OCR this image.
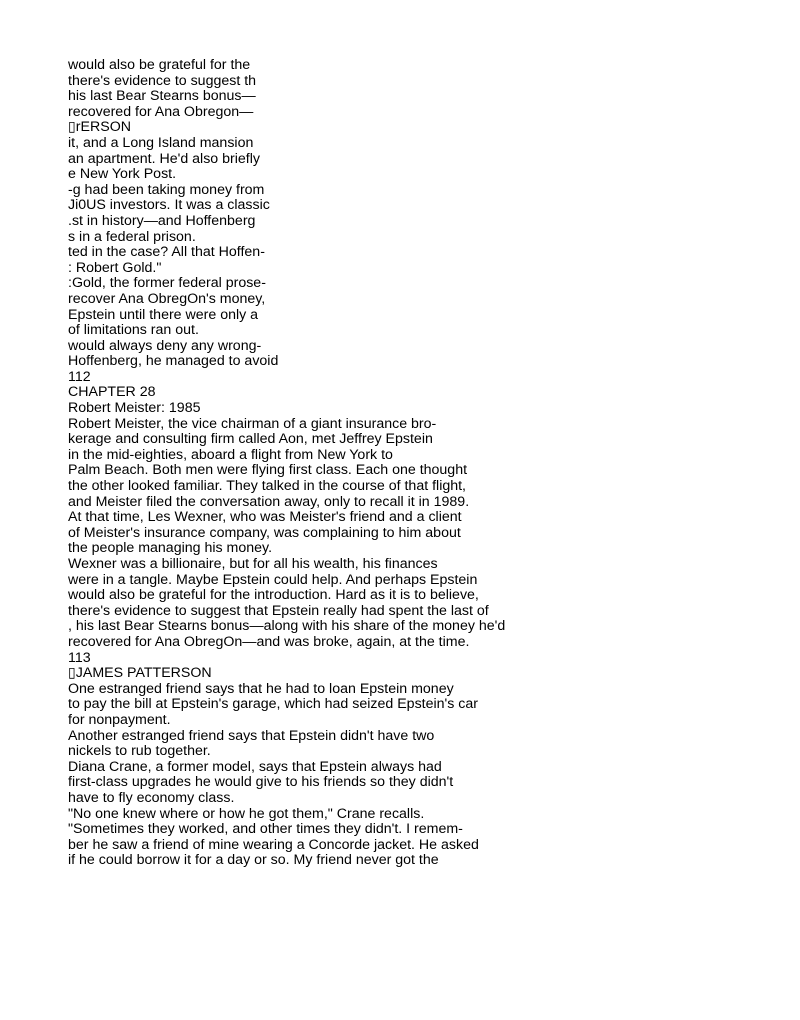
would also be grateful for the
there's evidence to suggest th
his last Bear Stearns bonus—
recovered for Ana Obregon—
▯rERSON
it, and a Long Island mansion
an apartment. He'd also briefly
e New York Post.
-g had been taking money from
Ji0US investors. It was a classic
.st in history—and Hoffenberg
s in a federal prison.
ted in the case? All that Hoffen-
: Robert Gold."
:Gold, the former federal prose-
recover Ana ObregOn's money,
Epstein until there were only a
of limitations ran out.
would always deny any wrong-
Hoffenberg, he managed to avoid
112
CHAPTER 28
Robert Meister: 1985
Robert Meister, the vice chairman of a giant insurance bro-
kerage and consulting firm called Aon, met Jeffrey Epstein
in the mid-eighties, aboard a flight from New York to
Palm Beach. Both men were flying first class. Each one thought
the other looked familiar. They talked in the course of that flight,
and Meister filed the conversation away, only to recall it in 1989.
At that time, Les Wexner, who was Meister's friend and a client
of Meister's insurance company, was complaining to him about
the people managing his money.
Wexner was a billionaire, but for all his wealth, his finances
were in a tangle. Maybe Epstein could help. And perhaps Epstein
would also be grateful for the introduction. Hard as it is to believe,
there's evidence to suggest that Epstein really had spent the last of
, his last Bear Stearns bonus—along with his share of the money he'd
recovered for Ana ObregOn—and was broke, again, at the time.
113
▯JAMES PATTERSON
One estranged friend says that he had to loan Epstein money
to pay the bill at Epstein's garage, which had seized Epstein's car
for nonpayment.
Another estranged friend says that Epstein didn't have two
nickels to rub together.
Diana Crane, a former model, says that Epstein always had
first-class upgrades he would give to his friends so they didn't
have to fly economy class.
"No one knew where or how he got them," Crane recalls.
"Sometimes they worked, and other times they didn't. I remem-
ber he saw a friend of mine wearing a Concorde jacket. He asked
if he could borrow it for a day or so. My friend never got the
